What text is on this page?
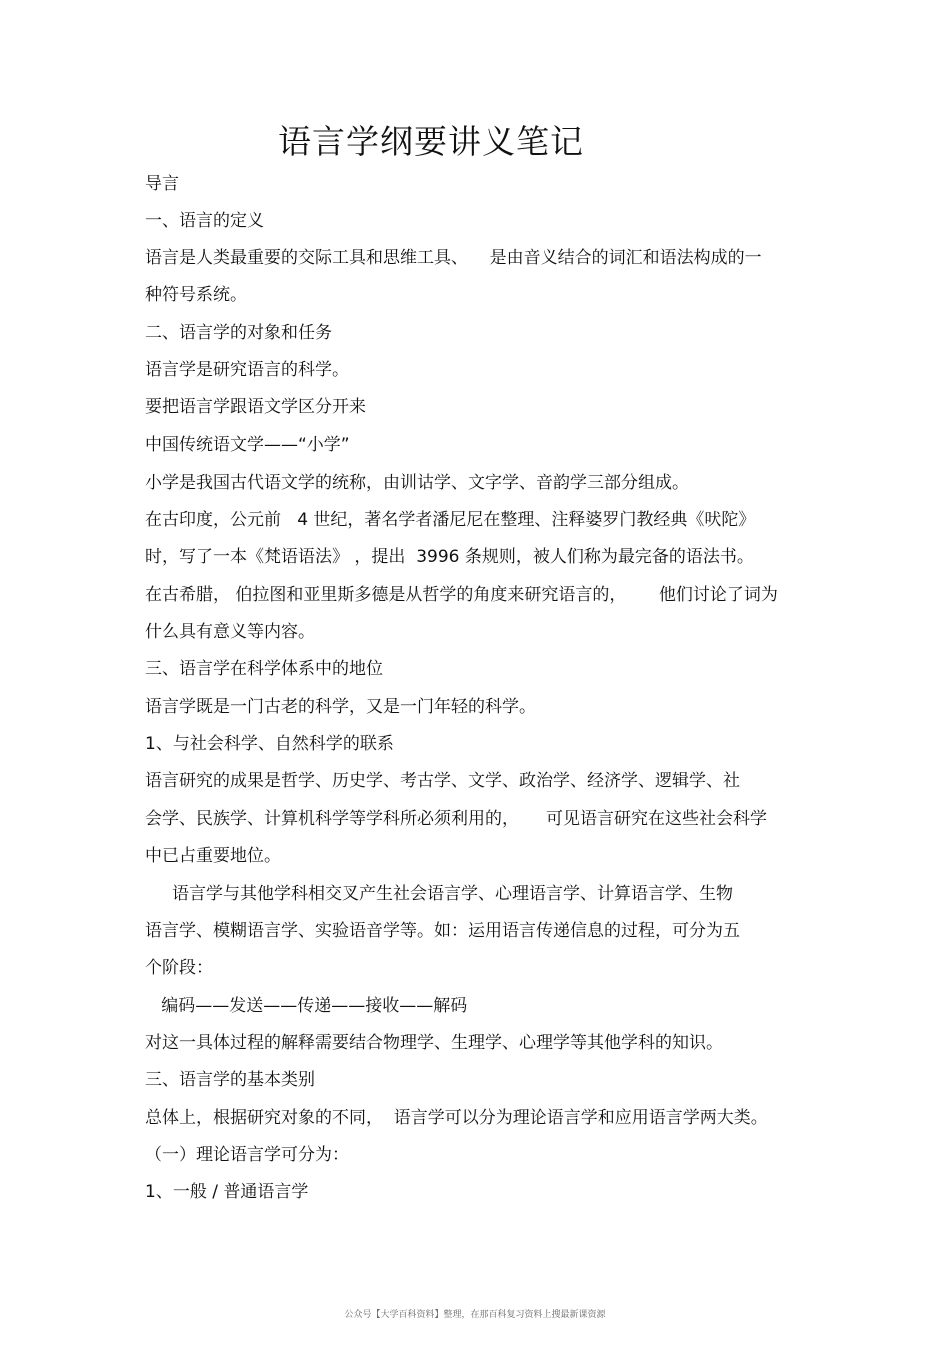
语言学纲要讲义笔记
导言
一、语言的定义
语言是人类最重要的交际工具和思维工具、    是由音义结合的词汇和语法构成的一
种符号系统。
二、语言学的对象和任务
语言学是研究语言的科学。
要把语言学跟语文学区分开来
中国传统语文学——“小学”
小学是我国古代语文学的统称，由训诂学、文字学、音韵学三部分组成。
在古印度，公元前   4 世纪，著名学者潘尼尼在整理、注释婆罗门教经典《吠陀》
时，写了一本《梵语语法》 ，提出  3996 条规则，被人们称为最完备的语法书。
在古希腊， 伯拉图和亚里斯多德是从哲学的角度来研究语言的，      他们讨论了词为
什么具有意义等内容。
三、语言学在科学体系中的地位
语言学既是一门古老的科学，又是一门年轻的科学。
1、与社会科学、自然科学的联系
语言研究的成果是哲学、历史学、考古学、文学、政治学、经济学、逻辑学、社
会学、民族学、计算机科学等学科所必须利用的，     可见语言研究在这些社会科学
中已占重要地位。
语言学与其他学科相交叉产生社会语言学、心理语言学、计算语言学、生物
语言学、模糊语言学、实验语音学等。如：运用语言传递信息的过程，可分为五
个阶段：
编码——发送——传递——接收——解码
对这一具体过程的解释需要结合物理学、生理学、心理学等其他学科的知识。
三、语言学的基本类别
总体上，根据研究对象的不同，  语言学可以分为理论语言学和应用语言学两大类。
（一）理论语言学可分为：
1、一般 / 普通语言学
公众号【大学百科资料】整理，在那百科复习资料上搜最新课资源
